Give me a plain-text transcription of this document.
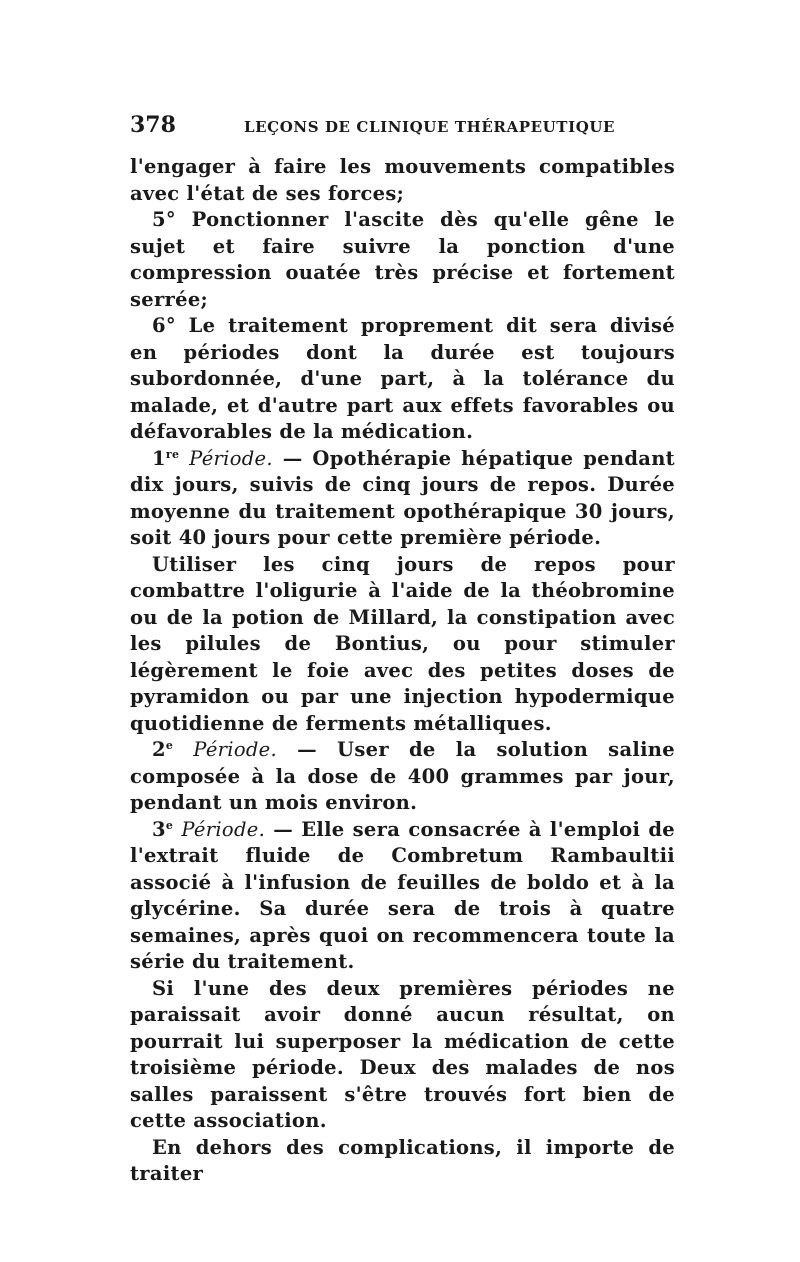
378	LEÇONS DE CLINIQUE THÉRAPEUTIQUE

l'engager à faire les mouvements compatibles avec l'état de ses forces;

5° Ponctionner l'ascite dès qu'elle gêne le sujet et faire suivre la ponction d'une compression ouatée très précise et fortement serrée;

6° Le traitement proprement dit sera divisé en périodes dont la durée est toujours subordonnée, d'une part, à la tolérance du malade, et d'autre part aux effets favorables ou défavorables de la médication.

1re Période. — Opothérapie hépatique pendant dix jours, suivis de cinq jours de repos. Durée moyenne du traitement opothérapique 30 jours, soit 40 jours pour cette première période.

Utiliser les cinq jours de repos pour combattre l'oligurie à l'aide de la théobromine ou de la potion de Millard, la constipation avec les pilules de Bontius, ou pour stimuler légèrement le foie avec des petites doses de pyramidon ou par une injection hypodermique quotidienne de ferments métalliques.

2e Période. — User de la solution saline composée à la dose de 400 grammes par jour, pendant un mois environ.

3e Période. — Elle sera consacrée à l'emploi de l'extrait fluide de Combretum Rambaultii associé à l'infusion de feuilles de boldo et à la glycérine. Sa durée sera de trois à quatre semaines, après quoi on recommencera toute la série du traitement.

Si l'une des deux premières périodes ne paraissait avoir donné aucun résultat, on pourrait lui superposer la médication de cette troisième période. Deux des malades de nos salles paraissent s'être trouvés fort bien de cette association.

En dehors des complications, il importe de traiter
